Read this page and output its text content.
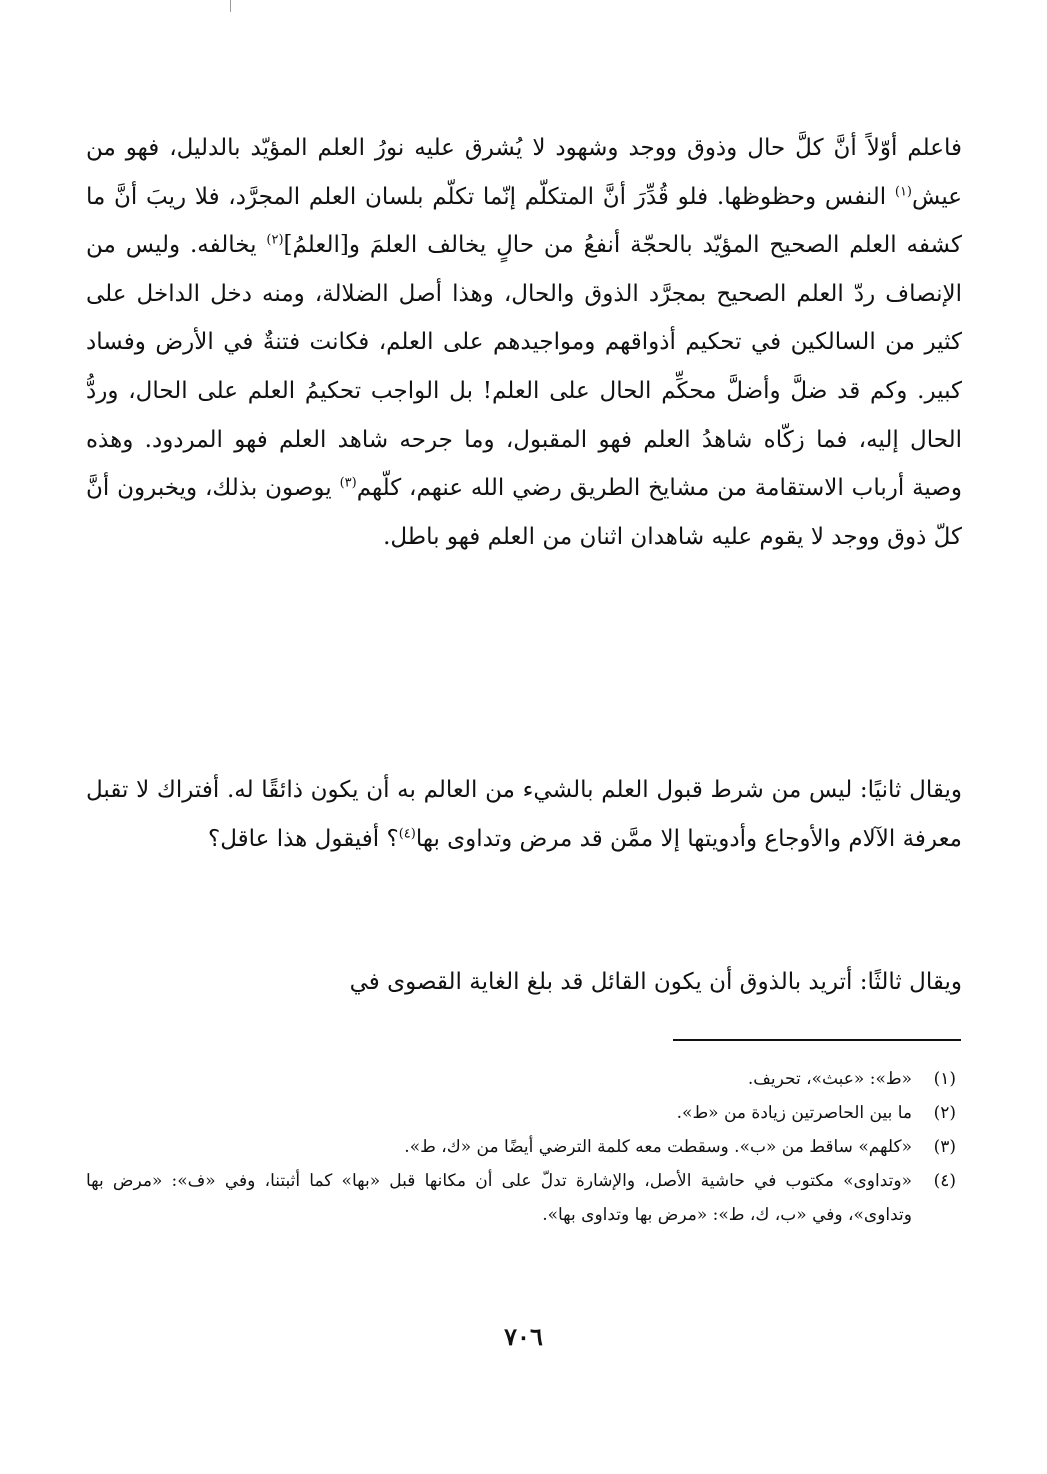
فاعلم أوّلاً أنَّ كلَّ حال وذوق ووجد وشهود لا يُشرق عليه نورُ العلم المؤيّد بالدليل، فهو من عيش$^{(١)}$ النفس وحظوظها. فلو قُدِّرَ أنَّ المتكلّم إنّما تكلّم بلسان العلم المجرَّد، فلا ريبَ أنَّ ما كشفه العلم الصحيح المؤيّد بالحجّة أنفعُ من حالٍ يخالف العلمَ و[العلمُ]$^{(٢)}$ يخالفه. وليس من الإنصاف ردّ العلم الصحيح بمجرَّد الذوق والحال، وهذا أصل الضلالة، ومنه دخل الداخل على كثير من السالكين في تحكيم أذواقهم ومواجيدهم على العلم، فكانت فتنةٌ في الأرض وفساد كبير. وكم قد ضلَّ وأضلَّ محكِّم الحال على العلم! بل الواجب تحكيمُ العلم على الحال، وردُّ الحال إليه، فما زكّاه شاهدُ العلم فهو المقبول، وما جرحه شاهد العلم فهو المردود. وهذه وصية أرباب الاستقامة من مشايخ الطريق رضي الله عنهم، كلّهم$^{(٣)}$ يوصون بذلك، ويخبرون أنَّ كلّ ذوق ووجد لا يقوم عليه شاهدان اثنان من العلم فهو باطل.

ويقال ثانيًا: ليس من شرط قبول العلم بالشيء من العالم به أن يكون ذائقًا له. أفتراك لا تقبل معرفة الآلام والأوجاع وأدويتها إلا ممَّن قد مرض وتداوى بها$^{(٤)}$؟ أفيقول هذا عاقل؟

ويقال ثالثًا: أتريد بالذوق أن يكون القائل قد بلغ الغاية القصوى في

(١)
«ط»: «عبث»، تحريف.
(٢)
ما بين الحاصرتين زيادة من «ط».
(٣)
«كلهم» ساقط من «ب». وسقطت معه كلمة الترضي أيضًا من «ك، ط».
(٤)
«وتداوى» مكتوب في حاشية الأصل، والإشارة تدلّ على أن مكانها قبل «بها» كما أثبتنا، وفي «ف»: «مرض بها وتداوى»، وفي «ب، ك، ط»: «مرض بها وتداوى بها».
٧٠٦
